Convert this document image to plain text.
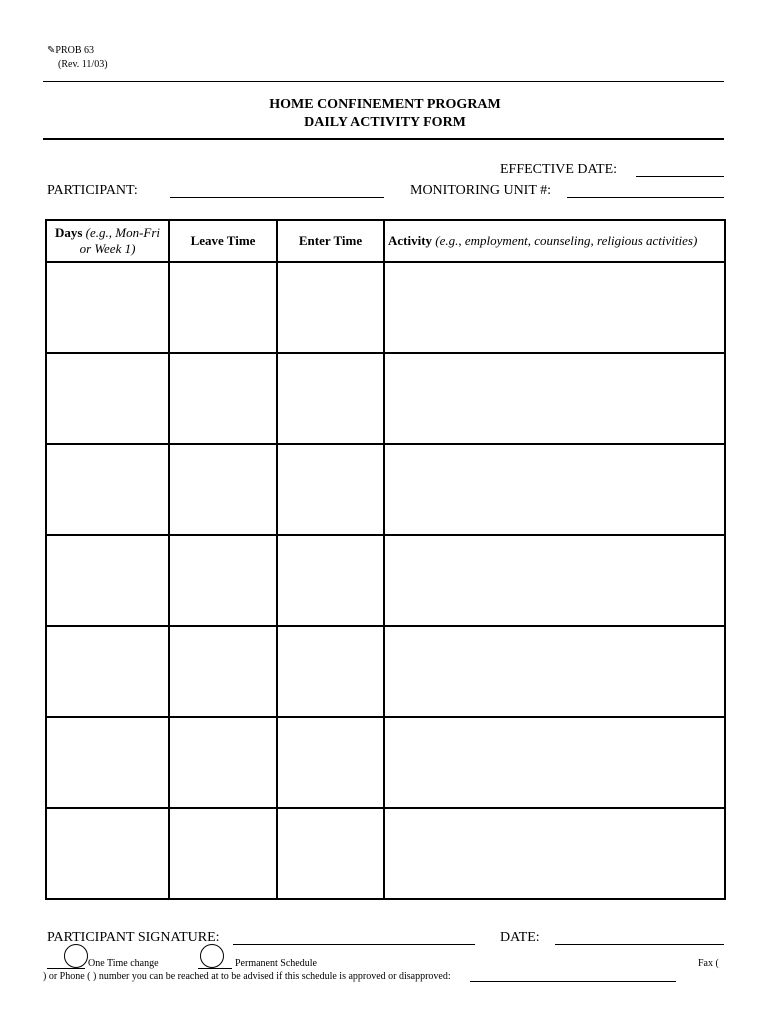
✎PROB 63
(Rev. 11/03)
HOME CONFINEMENT PROGRAM
DAILY ACTIVITY FORM
EFFECTIVE DATE:
PARTICIPANT:	MONITORING UNIT #:
Days (e.g., Mon-Fri
or Week 1)	Leave Time	Enter Time	Activity (e.g., employment, counseling, religious activities)

PARTICIPANT SIGNATURE:	DATE:
One Time change	Permanent Schedule	Fax (
) or Phone ( ) number you can be reached at to be advised if this schedule is approved or disapproved:
